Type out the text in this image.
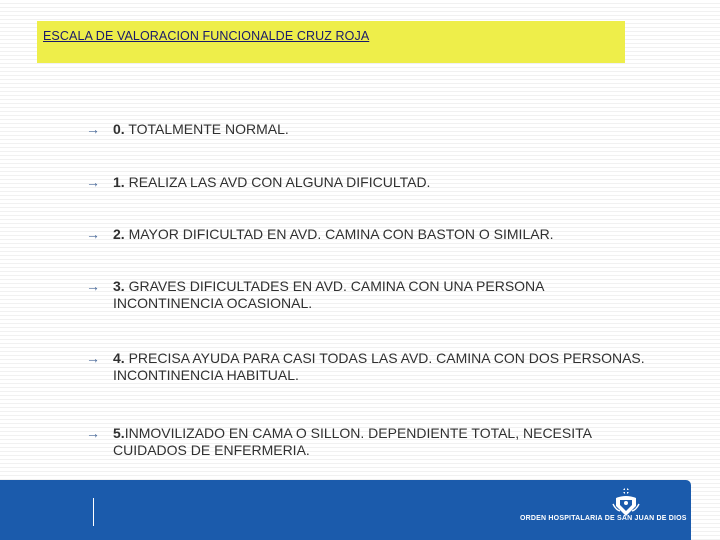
ESCALA DE VALORACION FUNCIONALDE CRUZ ROJA
→ 0. TOTALMENTE NORMAL.
→ 1. REALIZA LAS AVD CON ALGUNA DIFICULTAD.
→ 2. MAYOR DIFICULTAD EN AVD. CAMINA CON BASTON O SIMILAR.
→ 3. GRAVES DIFICULTADES EN AVD. CAMINA CON UNA PERSONA INCONTINENCIA OCASIONAL.
→ 4. PRECISA AYUDA PARA CASI TODAS LAS AVD. CAMINA CON DOS PERSONAS. INCONTINENCIA HABITUAL.
→ 5.INMOVILIZADO EN CAMA O SILLON. DEPENDIENTE TOTAL, NECESITA CUIDADOS DE ENFERMERIA.
ORDEN HOSPITALARIA DE SAN JUAN DE DIOS
